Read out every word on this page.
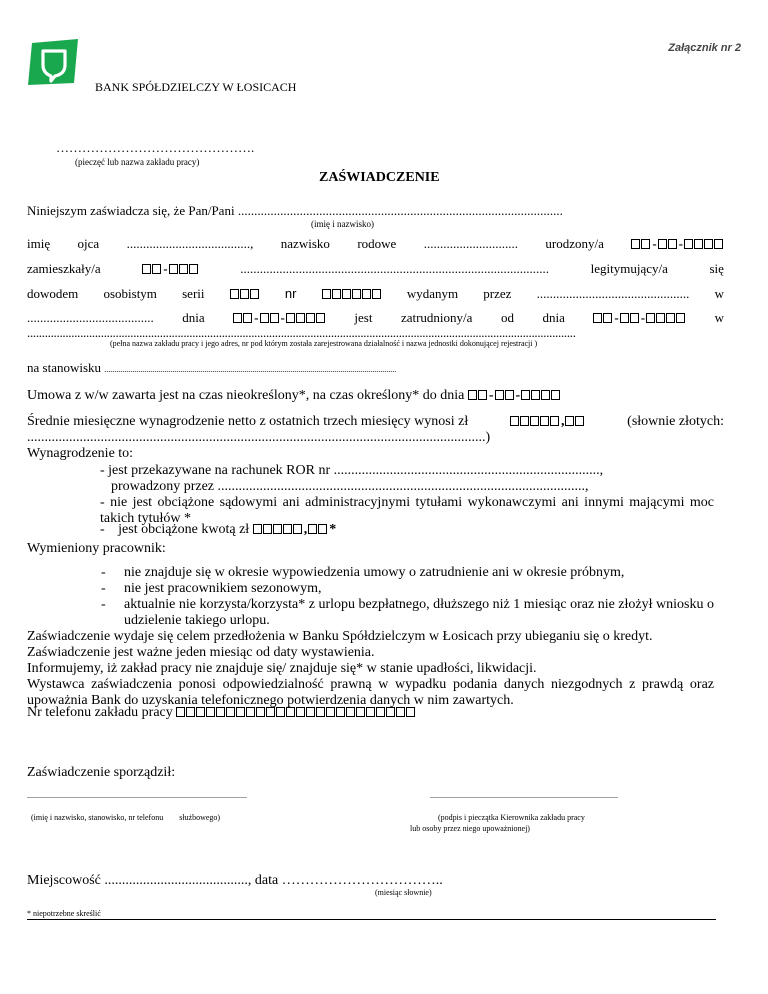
Załącznik nr 2
BANK SPÓŁDZIELCZY W ŁOSICACH
……………………………………….
(pieczęć lub nazwa zakładu pracy)
ZAŚWIADCZENIE
Niniejszym zaświadcza się, że Pan/Pani ....................................................................................................
(imię i nazwisko)
imię ojca ......................................, nazwisko rodowe ............................. urodzony/a	- -
zamieszkały/a	-	...............................................................................................	legitymujący/a	się
dowodem osobistym serii	nr	wydanym przez ............................................... w
....................................... dnia	- -	jest zatrudniony/a od dnia	- -	w
..........................................................................................................................................................................................
(pełna nazwa zakładu pracy i jego adres, nr pod którym została zarejestrowana działalność i nazwa jednostki dokonującej rejestracji )
na stanowisku ..................................................................................................................................................
Umowa z w/w zawarta jest na czas nieokreślony*, na czas określony* do dnia - -
Średnie miesięczne wynagrodzenie netto z ostatnich trzech miesięcy wynosi zł	,	(słownie złotych:
...................................................................................................................................)
Wynagrodzenie to:
- jest przekazywane na rachunek ROR nr ............................................................................,
prowadzony przez .........................................................................................................,
- nie jest obciążone sądowymi ani administracyjnymi tytułami wykonawczymi ani innymi mającymi moc takich tytułów *
- jest obciążone kwotą zł	, *
Wymieniony pracownik:
- nie znajduje się w okresie wypowiedzenia umowy o zatrudnienie ani w okresie próbnym,
- nie jest pracownikiem sezonowym,
- aktualnie nie korzysta/korzysta* z urlopu bezpłatnego, dłuższego niż 1 miesiąc oraz nie złożył wniosku o udzielenie takiego urlopu.
Zaświadczenie wydaje się celem przedłożenia w Banku Spółdzielczym w Łosicach przy ubieganiu się o kredyt.
Zaświadczenie jest ważne jeden miesiąc od daty wystawienia.
Informujemy, iż zakład pracy nie znajduje się/ znajduje się* w stanie upadłości, likwidacji.
Wystawca zaświadczenia ponosi odpowiedzialność prawną w wypadku podania danych niezgodnych z prawdą oraz upoważnia Bank do uzyskania telefonicznego potwierdzenia danych w nim zawartych.
Nr telefonu zakładu pracy
Zaświadczenie sporządził:
..............................................................................................................
(imię i nazwisko, stanowisko, nr telefonu służbowego)
..............................................................................................
(podpis i pieczątka Kierownika zakładu pracy
lub osoby przez niego upoważnionej)
Miejscowość ........................................., data ……………………………..
(miesiąc słownie)
* niepotrzebne skreślić
